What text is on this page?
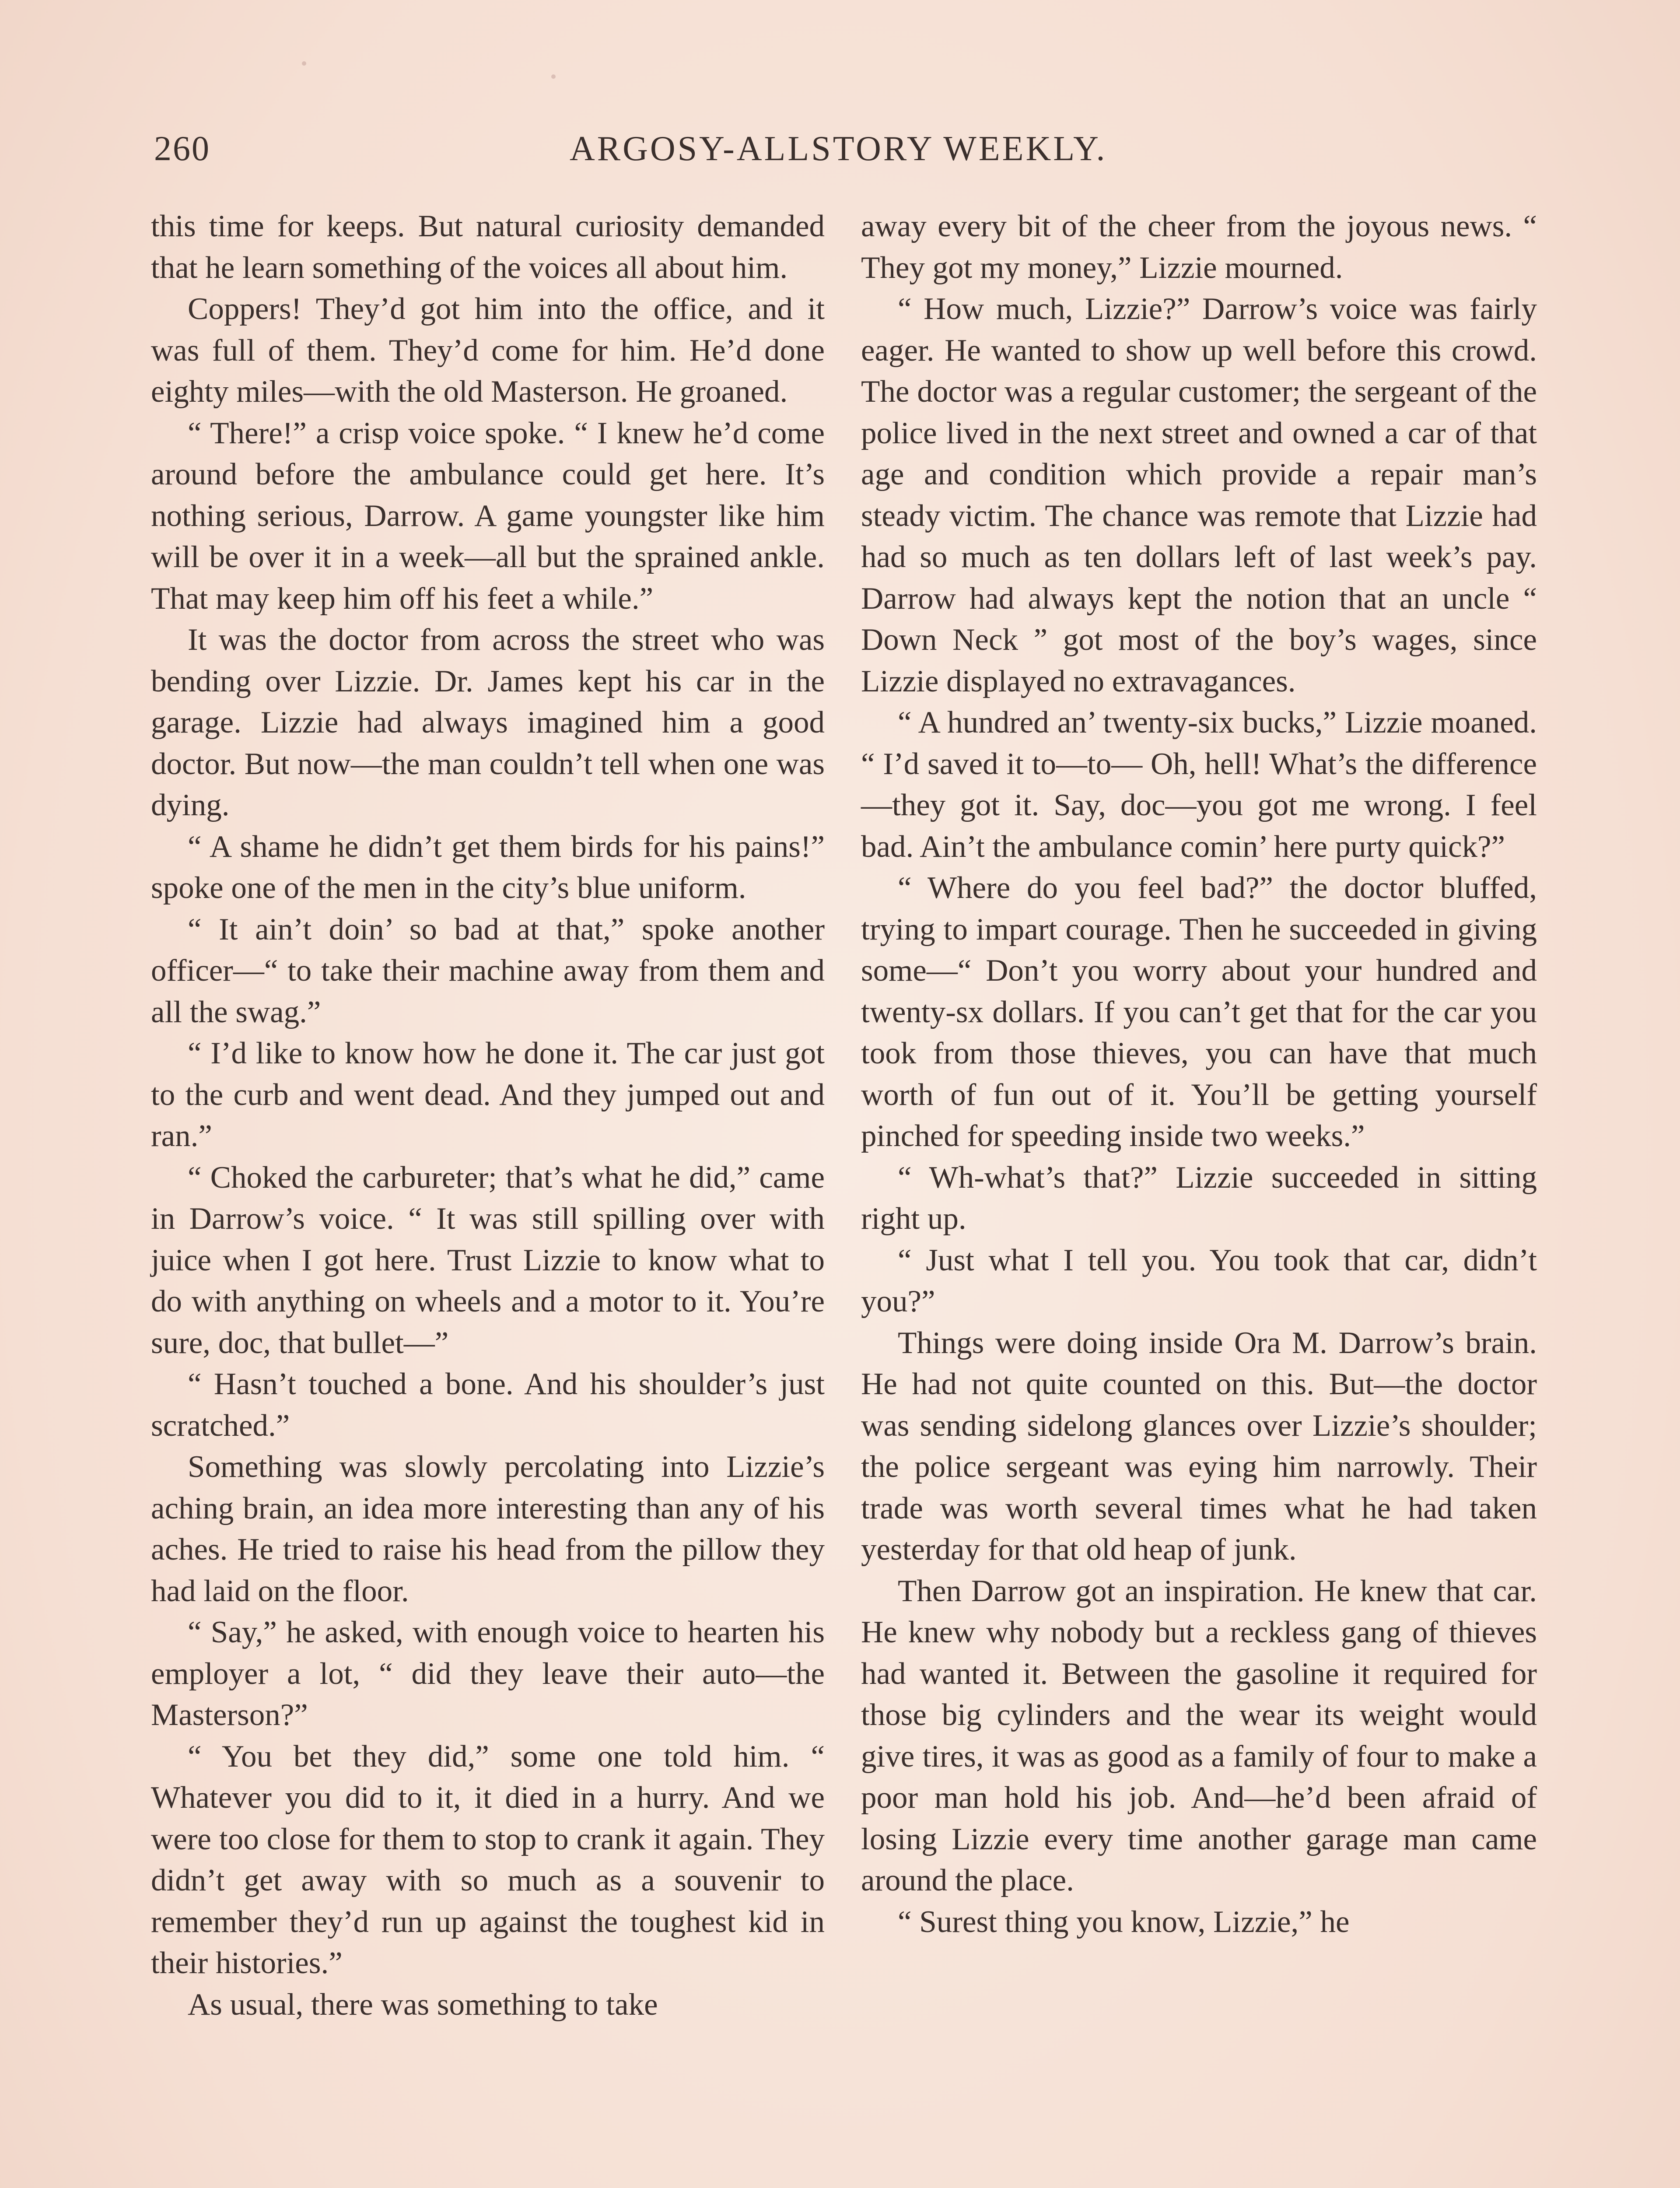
260	ARGOSY-ALLSTORY WEEKLY.

this time for keeps. But natural curiosity demanded that he learn something of the voices all about him.

Coppers! They’d got him into the office, and it was full of them. They’d come for him. He’d done eighty miles—with the old Masterson. He groaned.

“ There!” a crisp voice spoke. “ I knew he’d come around before the ambulance could get here. It’s nothing serious, Darrow. A game youngster like him will be over it in a week—all but the sprained ankle. That may keep him off his feet a while.”

It was the doctor from across the street who was bending over Lizzie. Dr. James kept his car in the garage. Lizzie had always imagined him a good doctor. But now—the man couldn’t tell when one was dying.

“ A shame he didn’t get them birds for his pains!” spoke one of the men in the city’s blue uniform.

“ It ain’t doin’ so bad at that,” spoke another officer—“ to take their machine away from them and all the swag.”

“ I’d like to know how he done it. The car just got to the curb and went dead. And they jumped out and ran.”

“ Choked the carbureter; that’s what he did,” came in Darrow’s voice. “ It was still spilling over with juice when I got here. Trust Lizzie to know what to do with anything on wheels and a motor to it. You’re sure, doc, that bullet—”

“ Hasn’t touched a bone. And his shoulder’s just scratched.”

Something was slowly percolating into Lizzie’s aching brain, an idea more interesting than any of his aches. He tried to raise his head from the pillow they had laid on the floor.

“ Say,” he asked, with enough voice to hearten his employer a lot, “ did they leave their auto—the Masterson?”

“ You bet they did,” some one told him. “ Whatever you did to it, it died in a hurry. And we were too close for them to stop to crank it again. They didn’t get away with so much as a souvenir to remember they’d run up against the toughest kid in their histories.”

As usual, there was something to take

away every bit of the cheer from the joyous news. “ They got my money,” Lizzie mourned.

“ How much, Lizzie?” Darrow’s voice was fairly eager. He wanted to show up well before this crowd. The doctor was a regular customer; the sergeant of the police lived in the next street and owned a car of that age and condition which provide a repair man’s steady victim. The chance was remote that Lizzie had had so much as ten dollars left of last week’s pay. Darrow had always kept the notion that an uncle “ Down Neck ” got most of the boy’s wages, since Lizzie displayed no extravagances.

“ A hundred an’ twenty-six bucks,” Lizzie moaned. “ I’d saved it to—to— Oh, hell! What’s the difference—they got it. Say, doc—you got me wrong. I feel bad. Ain’t the ambulance comin’ here purty quick?”

“ Where do you feel bad?” the doctor bluffed, trying to impart courage. Then he succeeded in giving some—“ Don’t you worry about your hundred and twenty-sx dollars. If you can’t get that for the car you took from those thieves, you can have that much worth of fun out of it. You’ll be getting yourself pinched for speeding inside two weeks.”

“ Wh-what’s that?” Lizzie succeeded in sitting right up.

“ Just what I tell you. You took that car, didn’t you?”

Things were doing inside Ora M. Darrow’s brain. He had not quite counted on this. But—the doctor was sending sidelong glances over Lizzie’s shoulder; the police sergeant was eying him narrowly. Their trade was worth several times what he had taken yesterday for that old heap of junk.

Then Darrow got an inspiration. He knew that car. He knew why nobody but a reckless gang of thieves had wanted it. Between the gasoline it required for those big cylinders and the wear its weight would give tires, it was as good as a family of four to make a poor man hold his job. And—he’d been afraid of losing Lizzie every time another garage man came around the place.

“ Surest thing you know, Lizzie,” he
